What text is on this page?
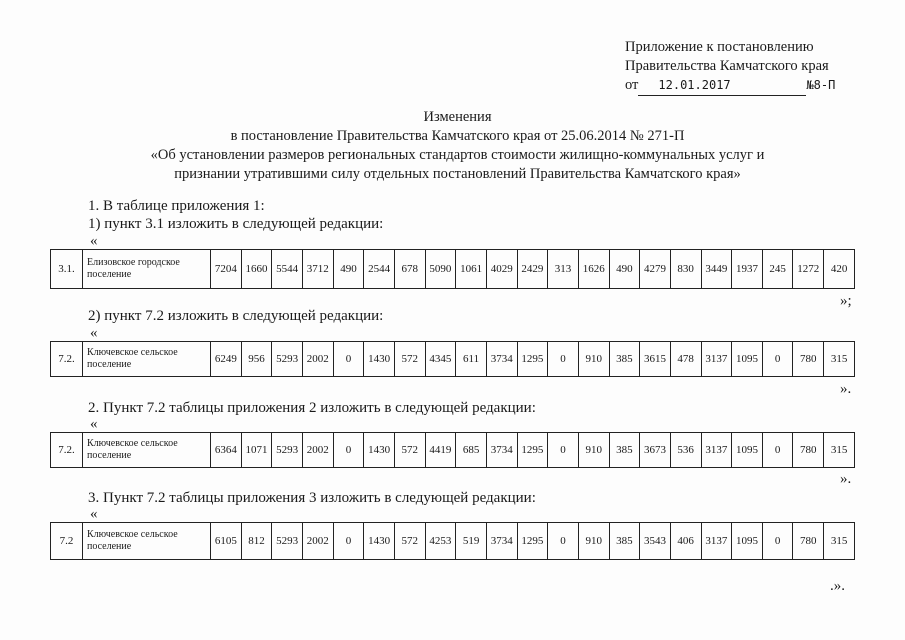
Приложение к постановлению
Правительства Камчатского края
от 12.01.2017	№8-П
Изменения
в постановление Правительства Камчатского края от 25.06.2014 № 271-П
«Об установлении размеров региональных стандартов стоимости жилищно-коммунальных услуг и
признании утратившими силу отдельных постановлений Правительства Камчатского края»
1. В таблице приложения 1:
1) пункт 3.1 изложить в следующей редакции:
«
3.1.	Елизовское городское поселение	7204	1660	5544	3712	490	2544	678	5090	1061	4029	2429	313	1626	490	4279	830	3449	1937	245	1272	420
»;
2) пункт 7.2 изложить в следующей редакции:
«
7.2.	Ключевское сельское поселение	6249	956	5293	2002	0	1430	572	4345	611	3734	1295	0	910	385	3615	478	3137	1095	0	780	315
».
2. Пункт 7.2 таблицы приложения 2 изложить в следующей редакции:
«
7.2.	Ключевское сельское поселение	6364	1071	5293	2002	0	1430	572	4419	685	3734	1295	0	910	385	3673	536	3137	1095	0	780	315
».
3. Пункт 7.2 таблицы приложения 3 изложить в следующей редакции:
«
7.2	Ключевское сельское поселение	6105	812	5293	2002	0	1430	572	4253	519	3734	1295	0	910	385	3543	406	3137	1095	0	780	315
.».
